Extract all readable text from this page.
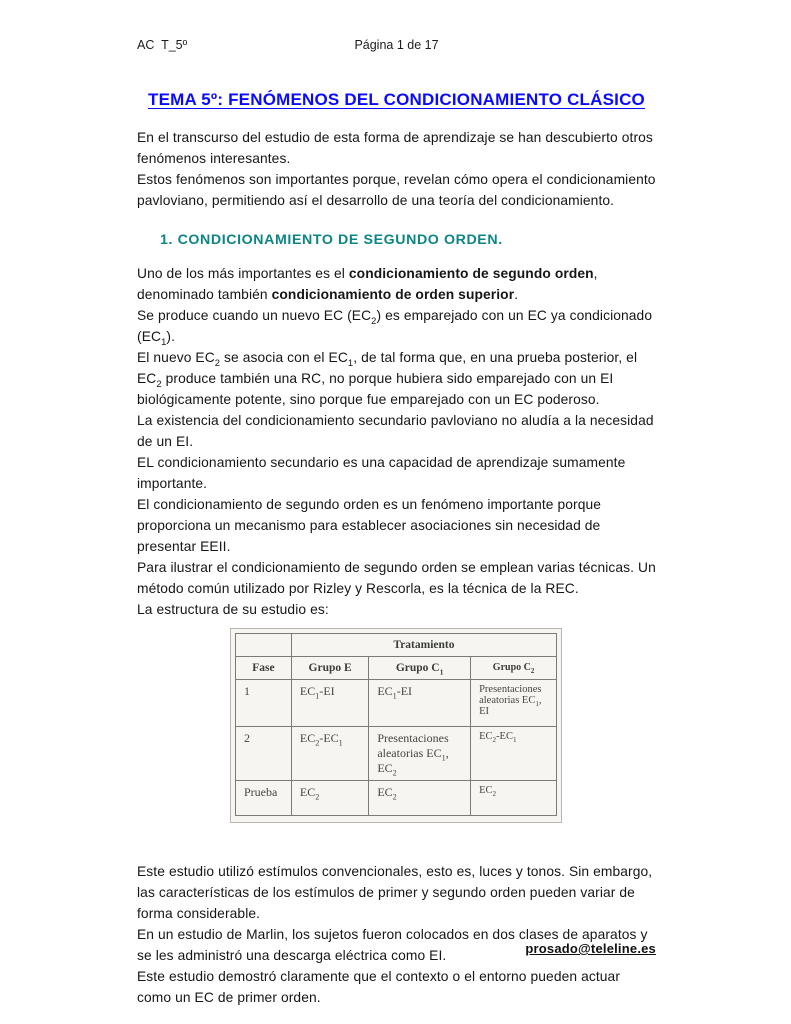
AC  T_5º	Página 1 de 17
TEMA 5º: FENÓMENOS DEL CONDICIONAMIENTO CLÁSICO

En el transcurso del estudio de esta forma de aprendizaje se han descubierto otros fenómenos interesantes.

Estos fenómenos son importantes porque, revelan cómo opera el condicionamiento pavloviano, permitiendo así el desarrollo de una teoría del condicionamiento.

1. CONDICIONAMIENTO DE SEGUNDO ORDEN.

Uno de los más importantes es el condicionamiento de segundo orden, denominado también condicionamiento de orden superior.

Se produce cuando un nuevo EC $(EC_2)$ es emparejado con un EC ya condicionado $(EC_1)$.

El nuevo $EC_2$ se asocia con el $EC_1$, de tal forma que, en una prueba posterior, el $EC_2$ produce también una RC, no porque hubiera sido emparejado con un EI biológicamente potente, sino porque fue emparejado con un EC poderoso.

La existencia del condicionamiento secundario pavloviano no aludía a la necesidad de un EI.

EL condicionamiento secundario es una capacidad de aprendizaje sumamente importante.

El condicionamiento de segundo orden es un fenómeno importante porque proporciona un mecanismo para establecer asociaciones sin necesidad de presentar EEII.

Para ilustrar el condicionamiento de segundo orden se emplean varias técnicas. Un método común utilizado por Rizley y Rescorla, es la técnica de la REC.

La estructura de su estudio es:

	Tratamiento		
Fase	Grupo E	Grupo $C_1$	Grupo $C_2$
1	$EC_1-EI$	$EC_1-EI$	Presentaciones aleatorias $EC_1$, EI
2	$EC_2-EC_1$	Presentaciones aleatorias $EC_1$, $EC_2$	$EC_2-EC_1$
Prueba	$EC_2$	$EC_2$	$EC_2$

Este estudio utilizó estímulos convencionales, esto es, luces y tonos. Sin embargo, las características de los estímulos de primer y segundo orden pueden variar de forma considerable.

En un estudio de Marlin, los sujetos fueron colocados en dos clases de aparatos y se les administró una descarga eléctrica como EI.

Este estudio demostró claramente que el contexto o el entorno pueden actuar como un EC de primer orden.

prosado@teleline.es
